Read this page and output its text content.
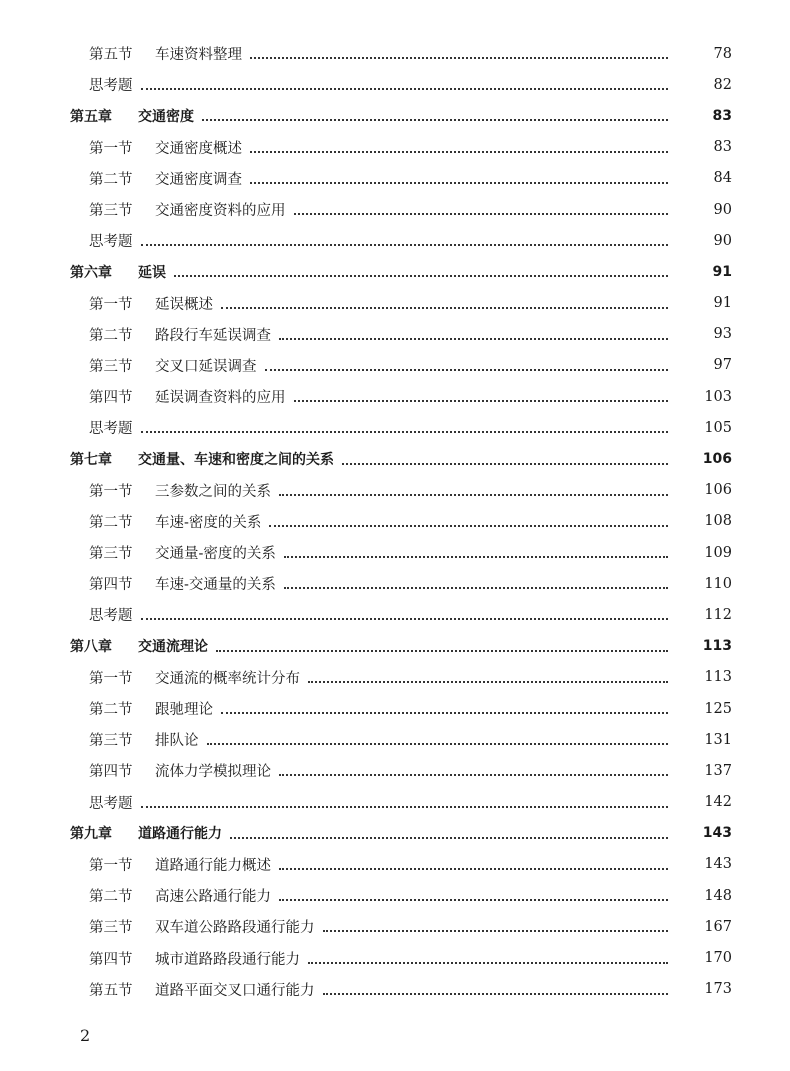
第五节	车速资料整理	78
思考题	82
第五章	交通密度	83
第一节	交通密度概述	83
第二节	交通密度调查	84
第三节	交通密度资料的应用	90
思考题	90
第六章	延误	91
第一节	延误概述	91
第二节	路段行车延误调查	93
第三节	交叉口延误调查	97
第四节	延误调查资料的应用	103
思考题	105
第七章	交通量、车速和密度之间的关系	106
第一节	三参数之间的关系	106
第二节	车速-密度的关系	108
第三节	交通量-密度的关系	109
第四节	车速-交通量的关系	110
思考题	112
第八章	交通流理论	113
第一节	交通流的概率统计分布	113
第二节	跟驰理论	125
第三节	排队论	131
第四节	流体力学模拟理论	137
思考题	142
第九章	道路通行能力	143
第一节	道路通行能力概述	143
第二节	高速公路通行能力	148
第三节	双车道公路路段通行能力	167
第四节	城市道路路段通行能力	170
第五节	道路平面交叉口通行能力	173
2
